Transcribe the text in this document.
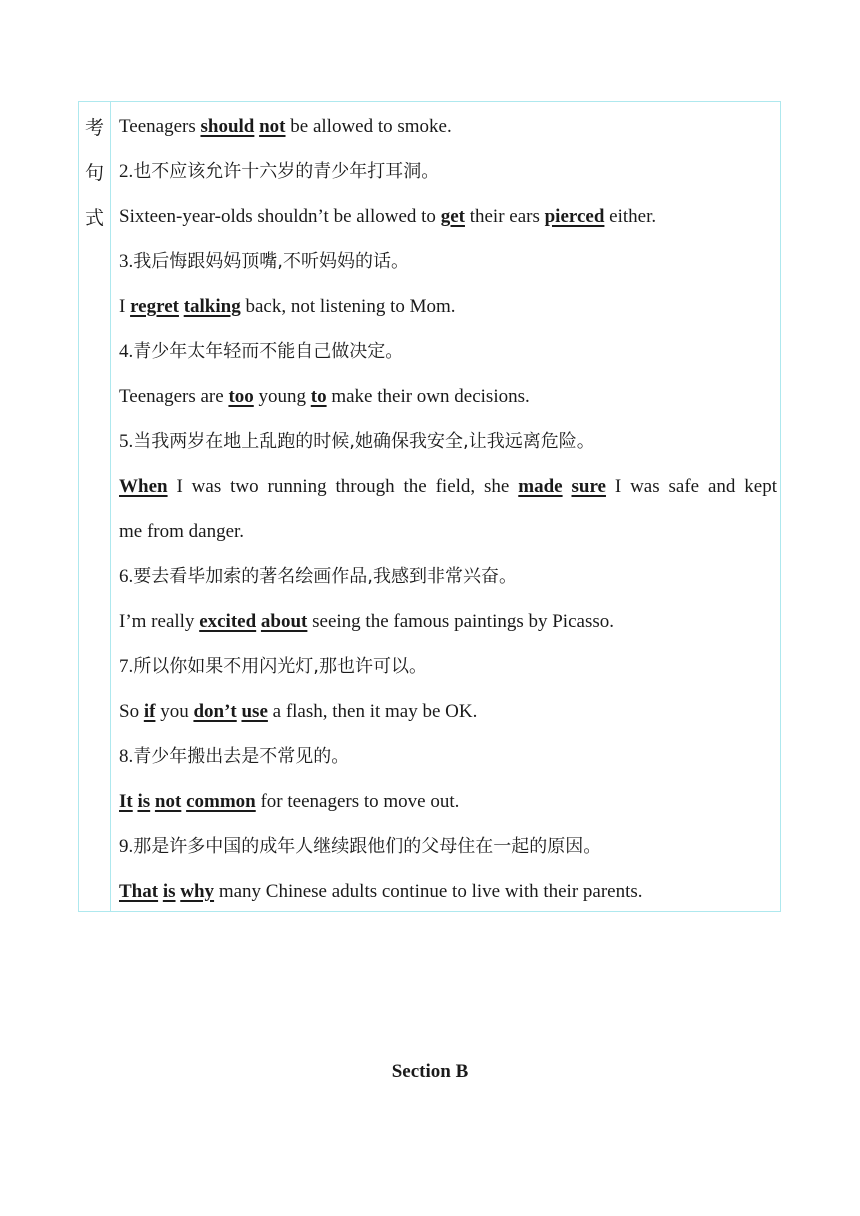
考
句
式
Teenagers should not be allowed to smoke.
2.也不应该允许十六岁的青少年打耳洞。
Sixteen-year-olds shouldn’t be allowed to get their ears pierced either.
3.我后悔跟妈妈顶嘴,不听妈妈的话。
I regret talking back, not listening to Mom.
4.青少年太年轻而不能自己做决定。
Teenagers are too young to make their own decisions.
5.当我两岁在地上乱跑的时候,她确保我安全,让我远离危险。
When I was two running through the field, she made sure I was safe and kept
me from danger.
6.要去看毕加索的著名绘画作品,我感到非常兴奋。
I’m really excited about seeing the famous paintings by Picasso.
7.所以你如果不用闪光灯,那也许可以。
So if you don’t use a flash, then it may be OK.
8.青少年搬出去是不常见的。
It is not common for teenagers to move out.
9.那是许多中国的成年人继续跟他们的父母住在一起的原因。
That is why many Chinese adults continue to live with their parents.
Section B
